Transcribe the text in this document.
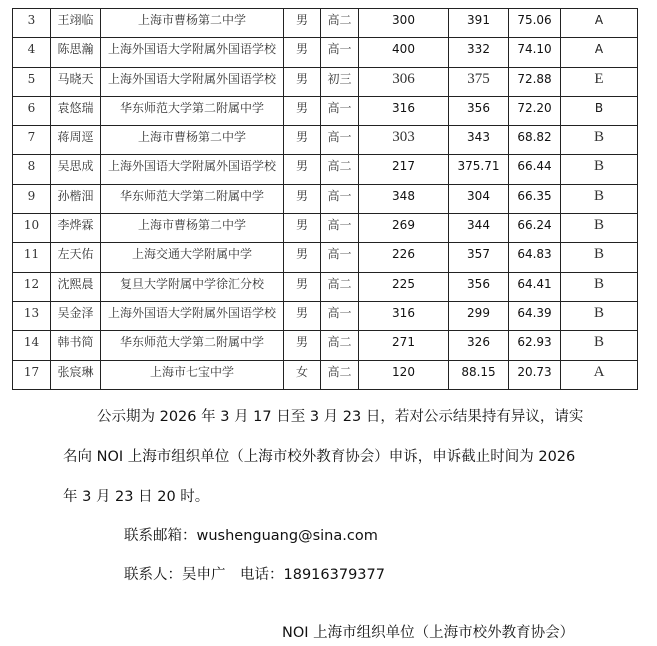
3	王翊临	上海市曹杨第二中学	男	高二	300	391	75.06	A
4	陈思瀚	上海外国语大学附属外国语学校	男	高一	400	332	74.10	A
5	马晓天	上海外国语大学附属外国语学校	男	初三	306	375	72.88	E
6	袁悠瑞	华东师范大学第二附属中学	男	高一	316	356	72.20	B
7	蒋周逕	上海市曹杨第二中学	男	高一	303	343	68.82	B
8	吴思成	上海外国语大学附属外国语学校	男	高二	217	375.71	66.44	B
9	孙楷沺	华东师范大学第二附属中学	男	高一	348	304	66.35	B
10	李烨霖	上海市曹杨第二中学	男	高一	269	344	66.24	B
11	左天佑	上海交通大学附属中学	男	高一	226	357	64.83	B
12	沈熙晨	复旦大学附属中学徐汇分校	男	高二	225	356	64.41	B
13	吴金泽	上海外国语大学附属外国语学校	男	高一	316	299	64.39	B
14	韩书简	华东师范大学第二附属中学	男	高二	271	326	62.93	B
17	张宸琳	上海市七宝中学	女	高二	120	88.15	20.73	A
公示期为 2026 年 3 月 17 日至 3 月 23 日，若对公示结果持有异议，请实
名向 NOI 上海市组织单位（上海市校外教育协会）申诉，申诉截止时间为 2026
年 3 月 23 日 20 时。
联系邮箱：wushenguang@sina.com
联系人：吴申广　电话：18916379377
NOI 上海市组织单位（上海市校外教育协会）
